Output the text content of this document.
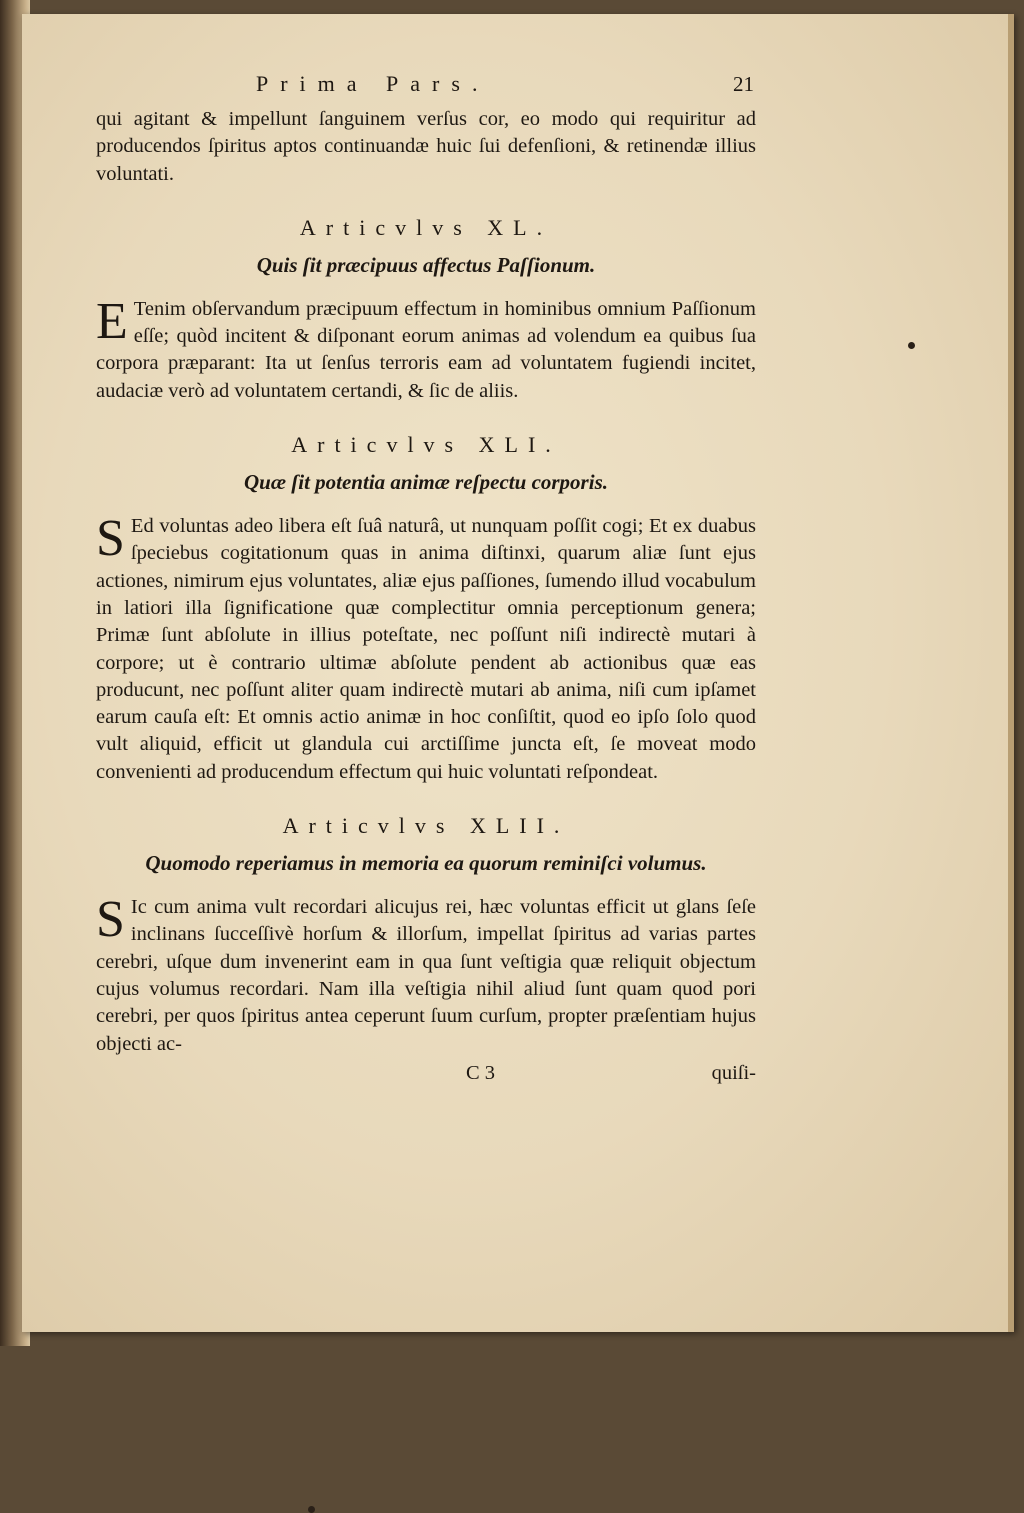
Prima Pars.	21

qui agitant & impellunt ſanguinem verſus cor, eo modo qui requiritur ad producendos ſpiritus aptos continuandæ huic ſui defenſioni, & retinendæ illius voluntati.

Articvlvs XL.
Quis ſit præcipuus affectus Paſſionum.
E Tenim obſervandum præcipuum effectum in hominibus omnium Paſſionum eſſe; quòd incitent & diſponant eorum animas ad volendum ea quibus ſua corpora præparant: Ita ut ſenſus terroris eam ad voluntatem fugiendi incitet, audaciæ verò ad voluntatem certandi, & ſic de aliis.

Articvlvs XLI.
Quæ ſit potentia animæ reſpectu corporis.
S Ed voluntas adeo libera eſt ſuâ naturâ, ut nunquam poſſit cogi; Et ex duabus ſpeciebus cogitationum quas in anima diſtinxi, quarum aliæ ſunt ejus actiones, nimirum ejus voluntates, aliæ ejus paſſiones, ſumendo illud vocabulum in latiori illa ſignificatione quæ complectitur omnia perceptionum genera; Primæ ſunt abſolute in illius poteſtate, nec poſſunt niſi indirectè mutari à corpore; ut è contrario ultimæ abſolute pendent ab actionibus quæ eas producunt, nec poſſunt aliter quam indirectè mutari ab anima, niſi cum ipſamet earum cauſa eſt: Et omnis actio animæ in hoc conſiſtit, quod eo ipſo ſolo quod vult aliquid, efficit ut glandula cui arctiſſime juncta eſt, ſe moveat modo convenienti ad producendum effectum qui huic voluntati reſpondeat.

Articvlvs XLII.
Quomodo reperiamus in memoria ea quorum reminiſci volumus.
S Ic cum anima vult recordari alicujus rei, hæc voluntas efficit ut glans ſeſe inclinans ſucceſſivè horſum & illorſum, impellat ſpiritus ad varias partes cerebri, uſque dum invenerint eam in qua ſunt veſtigia quæ reliquit objectum cujus volumus recordari. Nam illa veſtigia nihil aliud ſunt quam quod pori cerebri, per quos ſpiritus antea ceperunt ſuum curſum, propter præſentiam hujus objecti ac-

C 3	quiſi-
